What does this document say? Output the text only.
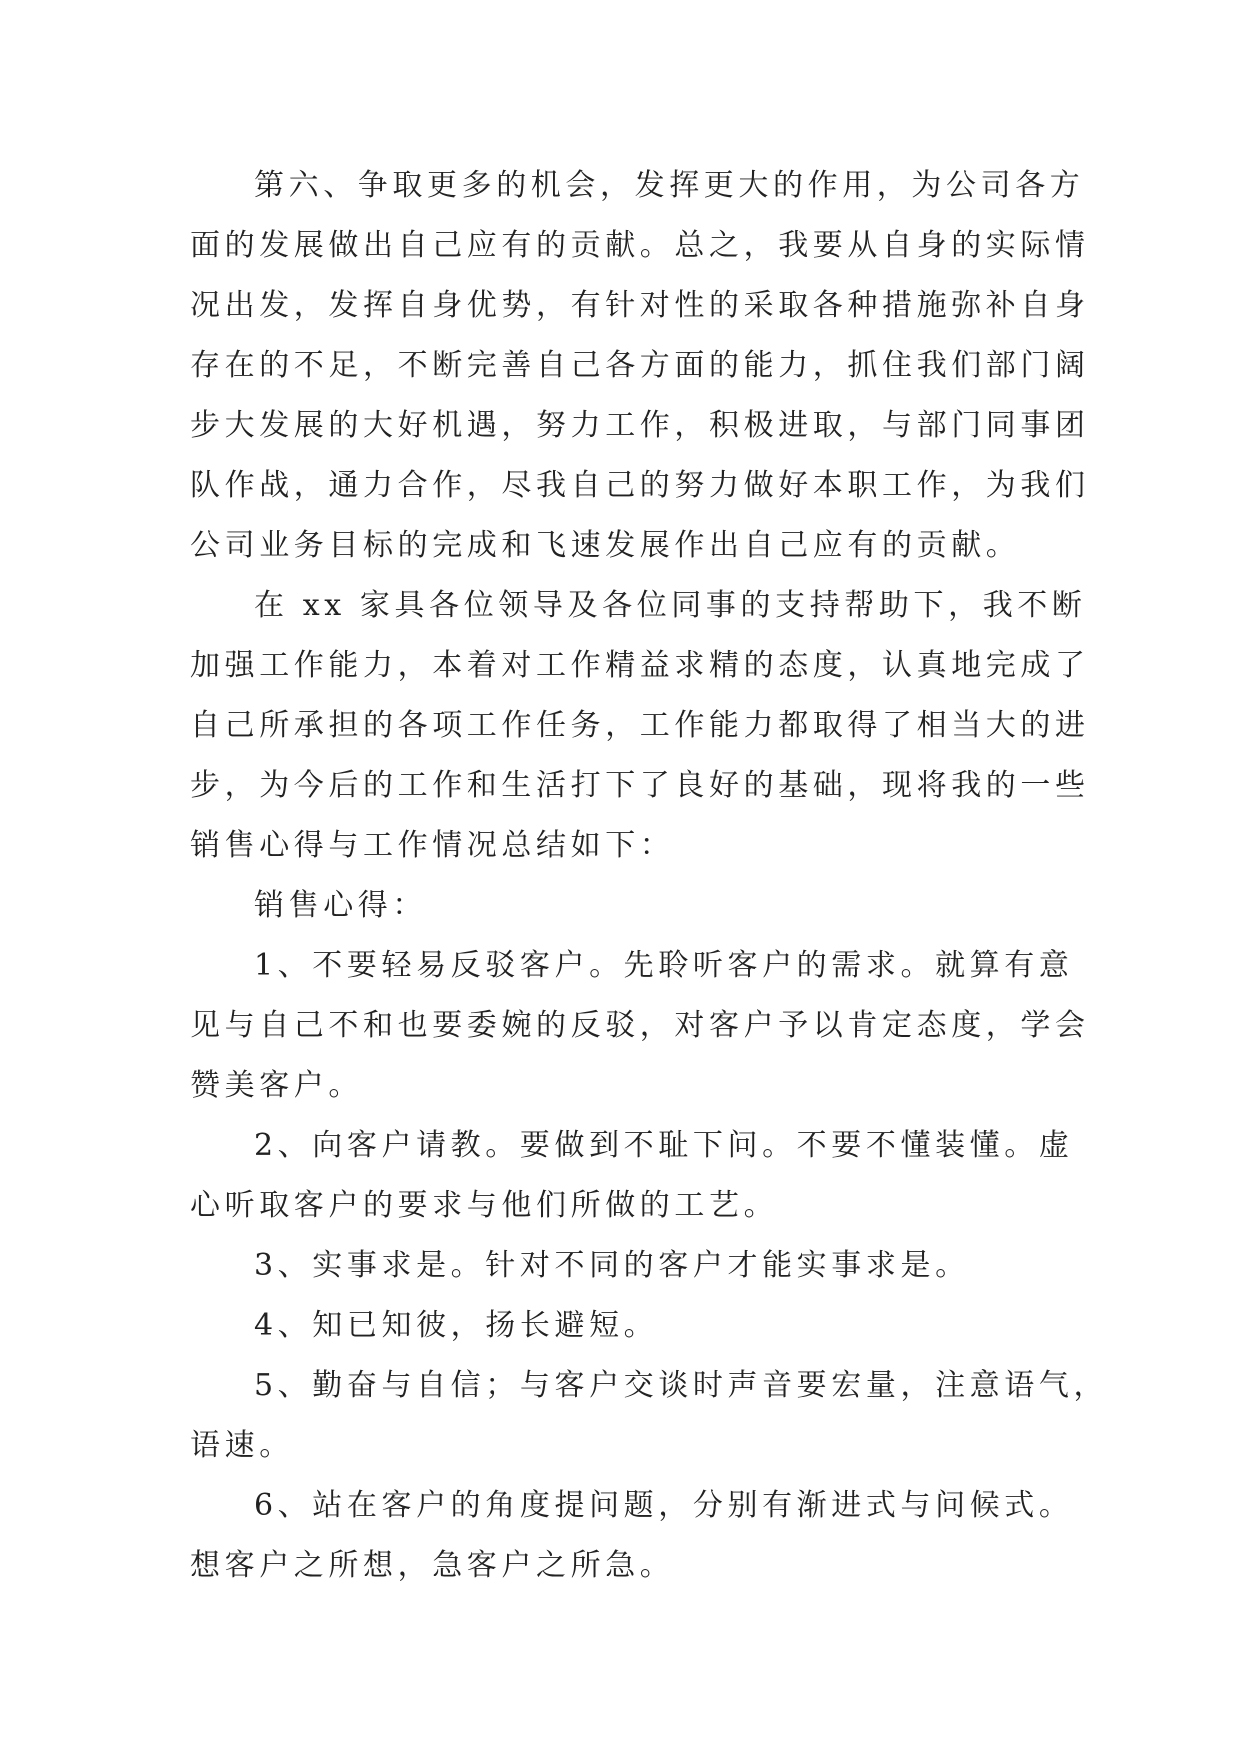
第六、争取更多的机会，发挥更大的作用，为公司各方
面的发展做出自己应有的贡献。总之，我要从自身的实际情
况出发，发挥自身优势，有针对性的采取各种措施弥补自身
存在的不足，不断完善自己各方面的能力，抓住我们部门阔
步大发展的大好机遇，努力工作，积极进取，与部门同事团
队作战，通力合作，尽我自己的努力做好本职工作，为我们
公司业务目标的完成和飞速发展作出自己应有的贡献。
在 xx 家具各位领导及各位同事的支持帮助下，我不断
加强工作能力，本着对工作精益求精的态度，认真地完成了
自己所承担的各项工作任务，工作能力都取得了相当大的进
步，为今后的工作和生活打下了良好的基础，现将我的一些
销售心得与工作情况总结如下：
销售心得：
1、不要轻易反驳客户。先聆听客户的需求。就算有意
见与自己不和也要委婉的反驳，对客户予以肯定态度，学会
赞美客户。
2、向客户请教。要做到不耻下问。不要不懂装懂。虚
心听取客户的要求与他们所做的工艺。
3、实事求是。针对不同的客户才能实事求是。
4、知已知彼，扬长避短。
5、勤奋与自信；与客户交谈时声音要宏量，注意语气，
语速。
6、站在客户的角度提问题，分别有渐进式与问候式。
想客户之所想，急客户之所急。
